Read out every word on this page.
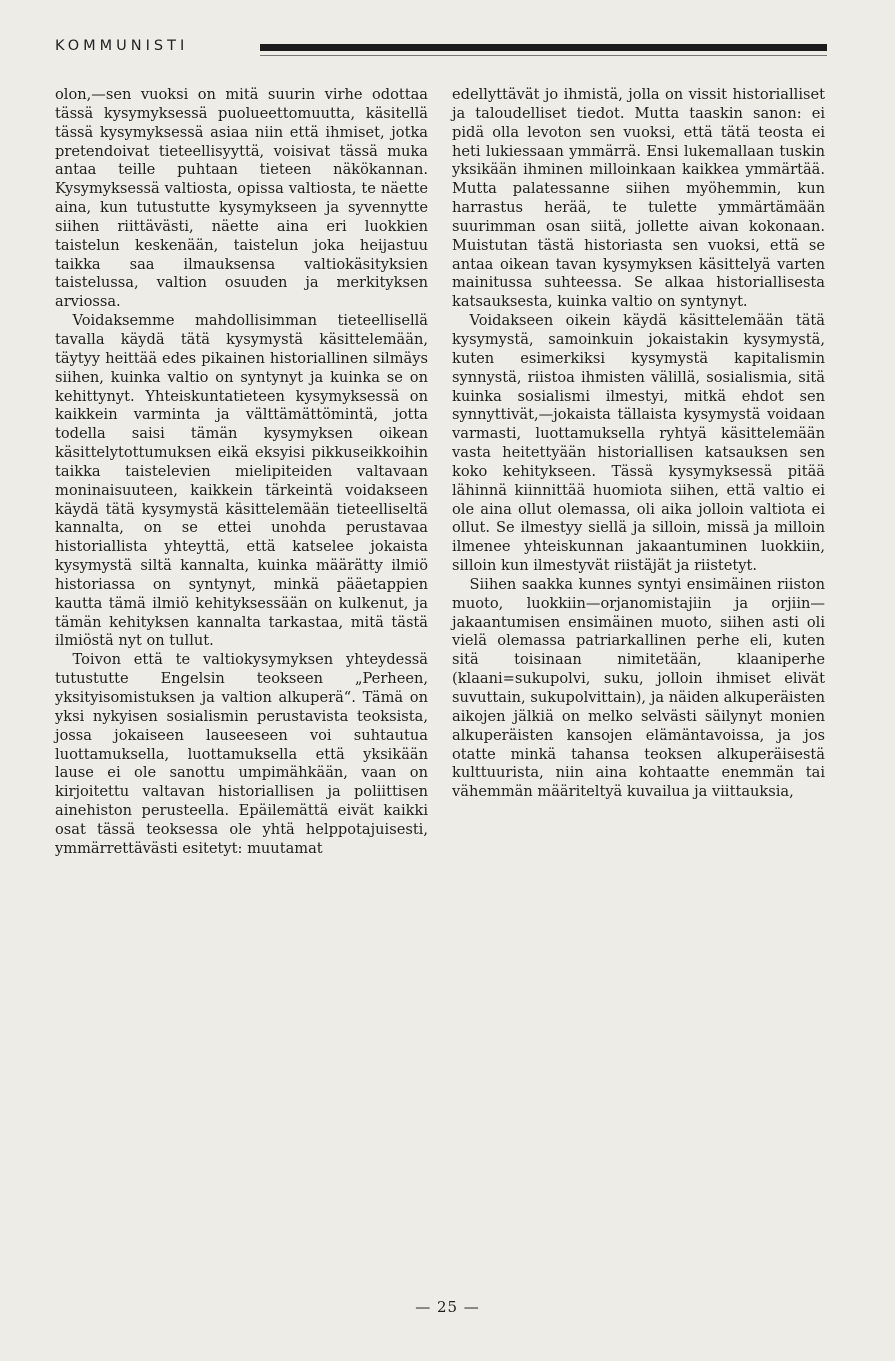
KOMMUNISTI

olon,—sen vuoksi on mitä suurin virhe odottaa tässä kysymyksessä puolueettomuutta, käsitellä tässä kysymyksessä asiaa niin että ihmiset, jotka pretendoivat tieteellisyyttä, voisivat tässä muka antaa teille puhtaan tieteen näkökannan. Kysymyksessä valtiosta, opissa valtiosta, te näette aina, kun tutustutte kysymykseen ja syvennytte siihen riittävästi, näette aina eri luokkien taistelun keskenään, taistelun joka heijastuu taikka saa ilmauksensa valtiokäsityksien taistelussa, valtion osuuden ja merkityksen arviossa.

Voidaksemme mahdollisimman tieteellisellä tavalla käydä tätä kysymystä käsittelemään, täytyy heittää edes pikainen historiallinen silmäys siihen, kuinka valtio on syntynyt ja kuinka se on kehittynyt. Yhteiskuntatieteen kysymyksessä on kaikkein varminta ja välttämättömintä, jotta todella saisi tämän kysymyksen oikean käsittelytottumuksen eikä eksyisi pikkuseikkoihin taikka taistelevien mielipiteiden valtavaan moninaisuuteen, kaikkein tärkeintä voidakseen käydä tätä kysymystä käsittelemään tieteelliseltä kannalta, on se ettei unohda perustavaa historiallista yhteyttä, että katselee jokaista kysymystä siltä kannalta, kuinka määrätty ilmiö historiassa on syntynyt, minkä pääetappien kautta tämä ilmiö kehityksessään on kulkenut, ja tämän kehityksen kannalta tarkastaa, mitä tästä ilmiöstä nyt on tullut.

Toivon että te valtiokysymyksen yhteydessä tutustutte Engelsin teokseen „Perheen, yksityisomistuksen ja valtion alkuperä“. Tämä on yksi nykyisen sosialismin perustavista teoksista, jossa jokaiseen lauseeseen voi suhtautua luottamuksella, luottamuksella että yksikään lause ei ole sanottu umpimähkään, vaan on kirjoitettu valtavan historiallisen ja poliittisen ainehiston perusteella. Epäilemättä eivät kaikki osat tässä teoksessa ole yhtä helppotajuisesti, ymmärrettävästi esitetyt: muutamat

edellyttävät jo ihmistä, jolla on vissit historialliset ja taloudelliset tiedot. Mutta taaskin sanon: ei pidä olla levoton sen vuoksi, että tätä teosta ei heti lukiessaan ymmärrä. Ensi lukemallaan tuskin yksikään ihminen milloinkaan kaikkea ymmärtää. Mutta palatessanne siihen myöhemmin, kun harrastus herää, te tulette ymmärtämään suurimman osan siitä, jollette aivan kokonaan. Muistutan tästä historiasta sen vuoksi, että se antaa oikean tavan kysymyksen käsittelyä varten mainitussa suhteessa. Se alkaa historiallisesta katsauksesta, kuinka valtio on syntynyt.

Voidakseen oikein käydä käsittelemään tätä kysymystä, samoinkuin jokaistakin kysymystä, kuten esimerkiksi kysymystä kapitalismin synnystä, riistoa ihmisten välillä, sosialismia, sitä kuinka sosialismi ilmestyi, mitkä ehdot sen synnyttivät,—jokaista tällaista kysymystä voidaan varmasti, luottamuksella ryhtyä käsittelemään vasta heitettyään historiallisen katsauksen sen koko kehitykseen. Tässä kysymyksessä pitää lähinnä kiinnittää huomiota siihen, että valtio ei ole aina ollut olemassa, oli aika jolloin valtiota ei ollut. Se ilmestyy siellä ja silloin, missä ja milloin ilmenee yhteiskunnan jakaantuminen luokkiin, silloin kun ilmestyvät riistäjät ja riistetyt.

Siihen saakka kunnes syntyi ensimäinen riiston muoto, luokkiin—orjanomistajiin ja orjiin—jakaantumisen ensimäinen muoto, siihen asti oli vielä olemassa patriarkallinen perhe eli, kuten sitä toisinaan nimitetään, klaaniperhe (klaani=sukupolvi, suku, jolloin ihmiset elivät suvuttain, sukupolvittain), ja näiden alkuperäisten aikojen jälkiä on melko selvästi säilynyt monien alkuperäisten kansojen elämäntavoissa, ja jos otatte minkä tahansa teoksen alkuperäisestä kulttuurista, niin aina kohtaatte enemmän tai vähemmän määriteltyä kuvailua ja viittauksia,

— 25 —
